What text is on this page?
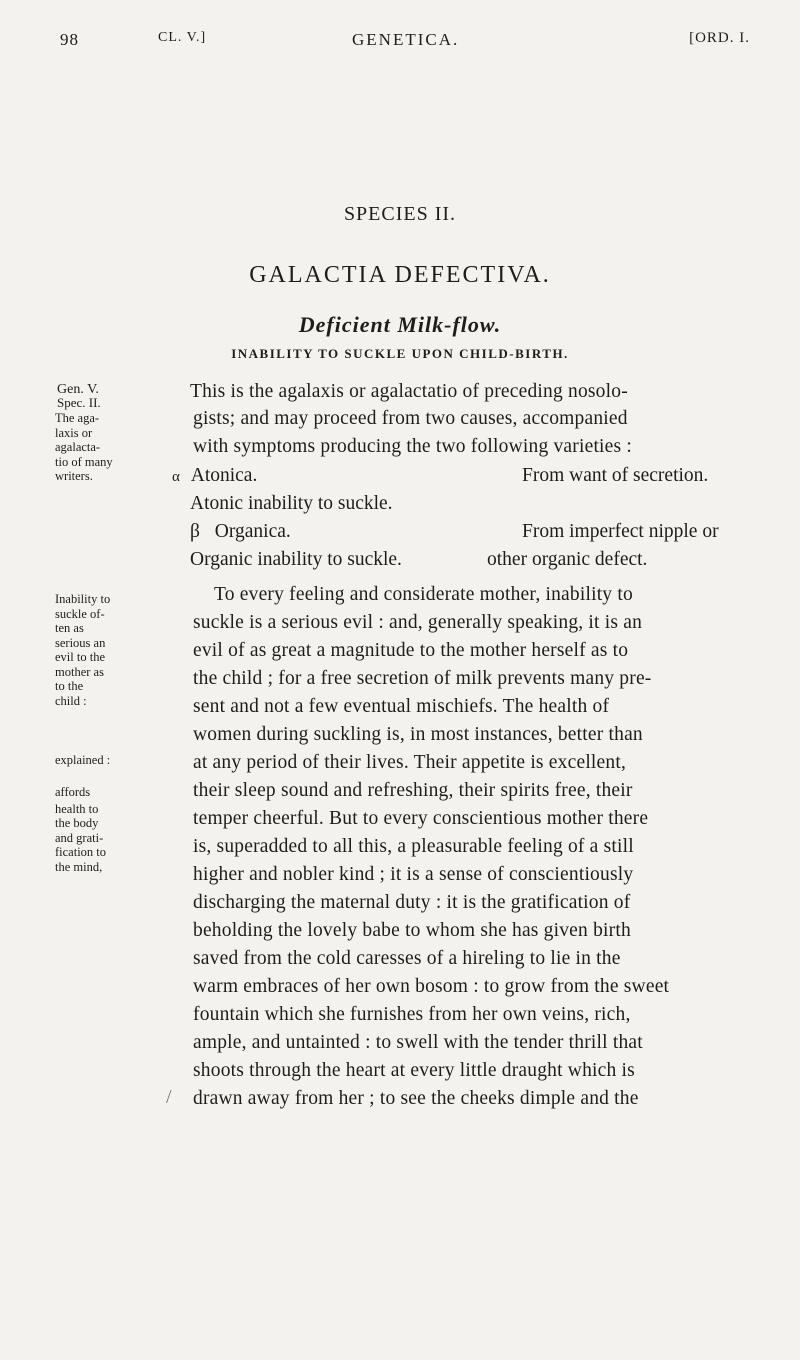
98	CL. V.]	GENETICA.	[ORD. I.
SPECIES II.
GALACTIA DEFECTIVA.
Deficient Milk-flow.
INABILITY TO SUCKLE UPON CHILD-BIRTH.
Gen. V.
Spec. II.
The aga-
laxis or
agalacta-
tio of many
writers.
This is the agalaxis or agalactatio of preceding nosolo-
gists; and may proceed from two causes, accompanied
with symptoms producing the two following varieties :
α Atonica.	From want of secretion.
Atonic inability to suckle.
β Organica.	From imperfect nipple or
Organic inability to suckle.	other organic defect.
Inability to
suckle of-
ten as
serious an
evil to the
mother as
to the
child :
explained :
affords
health to
the body
and grati-
fication to
the mind,
To every feeling and considerate mother, inability to
suckle is a serious evil : and, generally speaking, it is an
evil of as great a magnitude to the mother herself as to
the child ; for a free secretion of milk prevents many pre-
sent and not a few eventual mischiefs. The health of
women during suckling is, in most instances, better than
at any period of their lives. Their appetite is excellent,
their sleep sound and refreshing, their spirits free, their
temper cheerful. But to every conscientious mother there
is, superadded to all this, a pleasurable feeling of a still
higher and nobler kind ; it is a sense of conscientiously
discharging the maternal duty : it is the gratification of
beholding the lovely babe to whom she has given birth
saved from the cold caresses of a hireling to lie in the
warm embraces of her own bosom : to grow from the sweet
fountain which she furnishes from her own veins, rich,
ample, and untainted : to swell with the tender thrill that
shoots through the heart at every little draught which is
drawn away from her ; to see the cheeks dimple and the
/
